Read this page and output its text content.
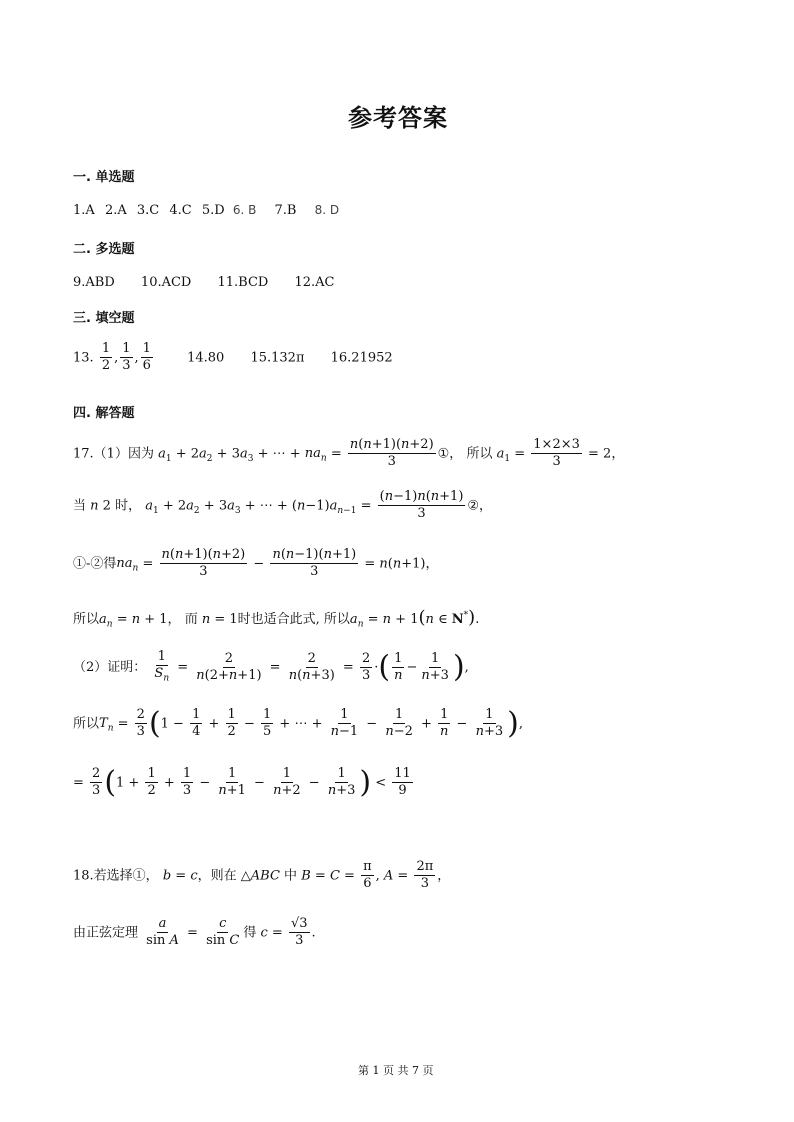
参考答案
一. 单选题
1.A 2.A 3.C 4.C 5.D 6. B 7.B 8. D
二. 多选题
9.ABD 10.ACD 11.BCD 12.AC
三. 填空题
13. $\frac{1}{2}$ , $\frac{1}{3}$ , $\frac{1}{6}$	14.80 15.132π 16.21952
四. 解答题
17.（1）因为 $a_1 + 2a_2 + 3a_3$ + ⋯ + $na_n = \frac{n(n+1)(n+2)}{3}$ ①， 所以 $a_1 = \frac{1\times 2\times 3}{3} = 2$，
当 n 2 时， $a_1 + 2a_2 + 3a_3$ + ⋯ + $(n-1)a_{n-1} = \frac{(n-1)n(n+1)}{3}$ ②，
①-②得$na_n = \frac{n(n+1)(n+2)}{3} - \frac{n(n-1)(n+1)}{3} = n(n+1)$，
所以$a_n = n + 1$， 而 n = 1时也适合此式, 所以$a_n = n + 1(n$ ∈ N*).
（2）证明： $\frac{1}{S_n} = \frac{2}{n(2+n+1)} = \frac{2}{n(n+3)} = \frac{2}{3}$ ·( $\frac{1}{n} - \frac{1}{n+3}$ ),
所以$T_n = \frac{2}{3} (1 - \frac{1}{4} + \frac{1}{2} - \frac{1}{5}$ + ⋯ + $\frac{1}{n-1} - \frac{1}{n-2} + \frac{1}{n} - \frac{1}{n+3}$ ),
= $\frac{2}{3} (1 + \frac{1}{2} + \frac{1}{3} - \frac{1}{n+1} - \frac{1}{n+2} - \frac{1}{n+3}$ ) < $\frac{11}{9}$
18.若选择①， b = c，则在 △ABC 中 $B = C = \frac{\pi}{6}$ , $A = \frac{2\pi}{3}$ ，
由正弦定理 $\frac{a}{\text{sin A}} = \frac{c}{\text{sin C}}$ 得 $c = \frac{√3}{3}$ .
第 1 页 共 7 页
